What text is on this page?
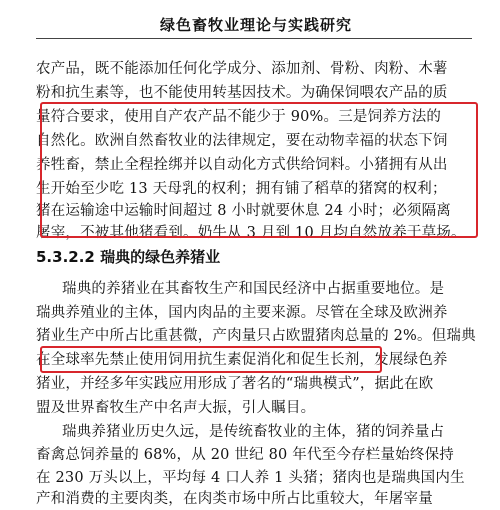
绿色畜牧业理论与实践研究
农产品，既不能添加任何化学成分、添加剂、骨粉、肉粉、木薯
粉和抗生素等，也不能使用转基因技术。为确保饲喂农产品的质
量符合要求，使用自产农产品不能少于 90%。三是饲养方法的
自然化。欧洲自然畜牧业的法律规定，要在动物幸福的状态下饲
养牲畜，禁止全程拴绑并以自动化方式供给饲料。小猪拥有从出
生开始至少吃 13 天母乳的权利；拥有铺了稻草的猪窝的权利；
猪在运输途中运输时间超过 8 小时就要休息 24 小时；必须隔离
屠宰，不被其他猪看到。奶牛从 3 月到 10 月均自然放养于草场。
5.3.2.2 瑞典的绿色养猪业
瑞典的养猪业在其畜牧生产和国民经济中占据重要地位。是
瑞典养殖业的主体，国内肉品的主要来源。尽管在全球及欧洲养
猪业生产中所占比重甚微，产肉量只占欧盟猪肉总量的 2%。但瑞典
在全球率先禁止使用饲用抗生素促消化和促生长剂，发展绿色养
猪业，并经多年实践应用形成了著名的“瑞典模式”，据此在欧
盟及世界畜牧生产中名声大振，引人瞩目。
瑞典养猪业历史久远，是传统畜牧业的主体，猪的饲养量占
畜禽总饲养量的 68%，从 20 世纪 80 年代至今存栏量始终保持
在 230 万头以上，平均每 4 口人养 1 头猪；猪肉也是瑞典国内生
产和消费的主要肉类，在肉类市场中所占比重较大，年屠宰量
